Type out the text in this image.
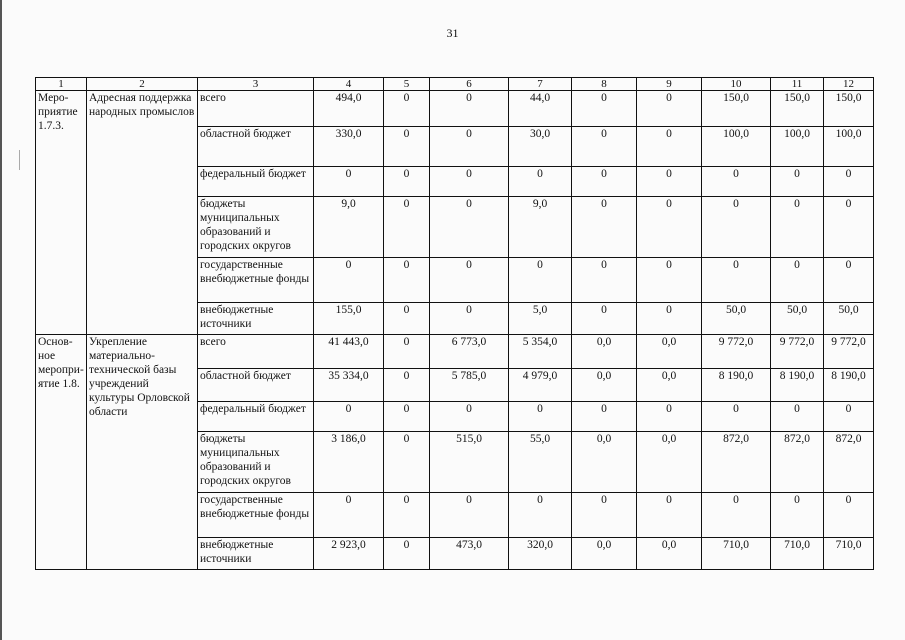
31
1	2	3	4	5	6	7	8	9	10	11	12
Меро-приятие 1.7.3.	Адресная поддержка народных промыслов	всего	494,0	0	0	44,0	0	0	150,0	150,0	150,0
		областной бюджет	330,0	0	0	30,0	0	0	100,0	100,0	100,0
		федеральный бюджет	0	0	0	0	0	0	0	0	0
		бюджеты муниципальных образований и городских округов	9,0	0	0	9,0	0	0	0	0	0
		государственные внебюджетные фонды	0	0	0	0	0	0	0	0	0
		внебюджетные источники	155,0	0	0	5,0	0	0	50,0	50,0	50,0
Основ-ное меропри-ятие 1.8.	Укрепление материально-технической базы учреждений культуры Орловской области	всего	41 443,0	0	6 773,0	5 354,0	0,0	0,0	9 772,0	9 772,0	9 772,0
		областной бюджет	35 334,0	0	5 785,0	4 979,0	0,0	0,0	8 190,0	8 190,0	8 190,0
		федеральный бюджет	0	0	0	0	0	0	0	0	0
		бюджеты муниципальных образований и городских округов	3 186,0	0	515,0	55,0	0,0	0,0	872,0	872,0	872,0
		государственные внебюджетные фонды	0	0	0	0	0	0	0	0	0
		внебюджетные источники	2 923,0	0	473,0	320,0	0,0	0,0	710,0	710,0	710,0
